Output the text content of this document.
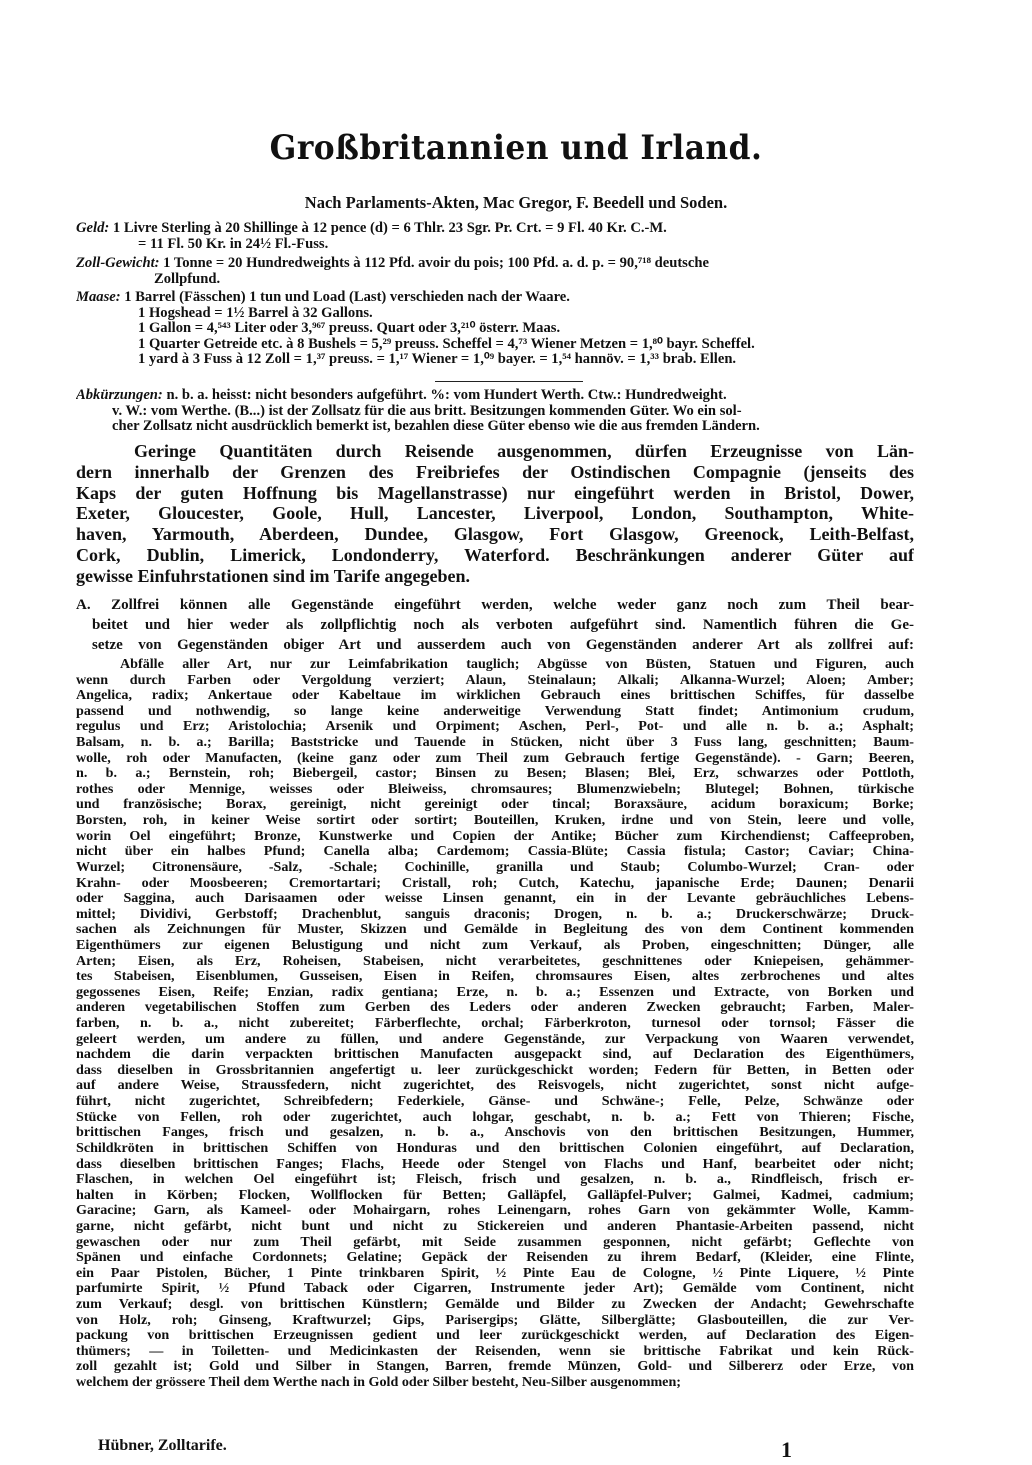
Großbritannien und Irland.
Nach Parlaments-Akten, Mac Gregor, F. Beedell und Soden.
Geld: 1 Livre Sterling à 20 Shillinge à 12 pence (d) = 6 Thlr. 23 Sgr. Pr. Crt. = 9 Fl. 40 Kr. C.-M.
= 11 Fl. 50 Kr. in 24½ Fl.-Fuss.
Zoll-Gewicht: 1 Tonne = 20 Hundredweights à 112 Pfd. avoir du pois; 100 Pfd. a. d. p. = 90,⁷¹⁸ deutsche
Zollpfund.
Maase: 1 Barrel (Fässchen) 1 tun und Load (Last) verschieden nach der Waare.
1 Hogshead = 1½ Barrel à 32 Gallons.
1 Gallon = 4,⁵⁴³ Liter oder 3,⁹⁶⁷ preuss. Quart oder 3,²¹⁰ österr. Maas.
1 Quarter Getreide etc. à 8 Bushels = 5,²⁹ preuss. Scheffel = 4,⁷³ Wiener Metzen = 1,⁸⁰ bayr. Scheffel.
1 yard à 3 Fuss à 12 Zoll = 1,³⁷ preuss. = 1,¹⁷ Wiener = 1,⁰⁹ bayer. = 1,⁵⁴ hannöv. = 1,³³ brab. Ellen.
Abkürzungen: n. b. a. heisst: nicht besonders aufgeführt. %: vom Hundert Werth. Ctw.: Hundredweight.
v. W.: vom Werthe. (B...) ist der Zollsatz für die aus britt. Besitzungen kommenden Güter. Wo ein sol-
cher Zollsatz nicht ausdrücklich bemerkt ist, bezahlen diese Güter ebenso wie die aus fremden Ländern.
Geringe Quantitäten durch Reisende ausgenommen, dürfen Erzeugnisse von Län-
dern innerhalb der Grenzen des Freibriefes der Ostindischen Compagnie (jenseits des
Kaps der guten Hoffnung bis Magellanstrasse) nur eingeführt werden in Bristol, Dower,
Exeter, Gloucester, Goole, Hull, Lancester, Liverpool, London, Southampton, White-
haven, Yarmouth, Aberdeen, Dundee, Glasgow, Fort Glasgow, Greenock, Leith-Belfast,
Cork, Dublin, Limerick, Londonderry, Waterford. Beschränkungen anderer Güter auf
gewisse Einfuhrstationen sind im Tarife angegeben.
A. Zollfrei können alle Gegenstände eingeführt werden, welche weder ganz noch zum Theil bear-
beitet und hier weder als zollpflichtig noch als verboten aufgeführt sind. Namentlich führen die Ge-
setze von Gegenständen obiger Art und ausserdem auch von Gegenständen anderer Art als zollfrei auf:
Abfälle aller Art, nur zur Leimfabrikation tauglich; Abgüsse von Büsten, Statuen und Figuren, auch
wenn durch Farben oder Vergoldung verziert; Alaun, Steinalaun; Alkali; Alkanna-Wurzel; Aloen; Amber;
Angelica, radix; Ankertaue oder Kabeltaue im wirklichen Gebrauch eines brittischen Schiffes, für dasselbe
passend und nothwendig, so lange keine anderweitige Verwendung Statt findet; Antimonium crudum,
regulus und Erz; Aristolochia; Arsenik und Orpiment; Aschen, Perl-, Pot- und alle n. b. a.; Asphalt;
Balsam, n. b. a.; Barilla; Baststricke und Tauende in Stücken, nicht über 3 Fuss lang, geschnitten; Baum-
wolle, roh oder Manufacten, (keine ganz oder zum Theil zum Gebrauch fertige Gegenstände). - Garn; Beeren,
n. b. a.; Bernstein, roh; Biebergeil, castor; Binsen zu Besen; Blasen; Blei, Erz, schwarzes oder Pottloth,
rothes oder Mennige, weisses oder Bleiweiss, chromsaures; Blumenzwiebeln; Blutegel; Bohnen, türkische
und französische; Borax, gereinigt, nicht gereinigt oder tincal; Boraxsäure, acidum boraxicum; Borke;
Borsten, roh, in keiner Weise sortirt oder sortirt; Bouteillen, Kruken, irdne und von Stein, leere und volle,
worin Oel eingeführt; Bronze, Kunstwerke und Copien der Antike; Bücher zum Kirchendienst; Caffeeproben,
nicht über ein halbes Pfund; Canella alba; Cardemom; Cassia-Blüte; Cassia fistula; Castor; Caviar; China-
Wurzel; Citronensäure, -Salz, -Schale; Cochinille, granilla und Staub; Columbo-Wurzel; Cran- oder
Krahn- oder Moosbeeren; Cremortartari; Cristall, roh; Cutch, Katechu, japanische Erde; Daunen; Denarii
oder Saggina, auch Darisaamen oder weisse Linsen genannt, ein in der Levante gebräuchliches Lebens-
mittel; Dividivi, Gerbstoff; Drachenblut, sanguis draconis; Drogen, n. b. a.; Druckerschwärze; Druck-
sachen als Zeichnungen für Muster, Skizzen und Gemälde in Begleitung des von dem Continent kommenden
Eigenthümers zur eigenen Belustigung und nicht zum Verkauf, als Proben, eingeschnitten; Dünger, alle
Arten; Eisen, als Erz, Roheisen, Stabeisen, nicht verarbeitetes, geschnittenes oder Kniepeisen, gehämmer-
tes Stabeisen, Eisenblumen, Gusseisen, Eisen in Reifen, chromsaures Eisen, altes zerbrochenes und altes
gegossenes Eisen, Reife; Enzian, radix gentiana; Erze, n. b. a.; Essenzen und Extracte, von Borken und
anderen vegetabilischen Stoffen zum Gerben des Leders oder anderen Zwecken gebraucht; Farben, Maler-
farben, n. b. a., nicht zubereitet; Färberflechte, orchal; Färberkroton, turnesol oder tornsol; Fässer die
geleert werden, um andere zu füllen, und andere Gegenstände, zur Verpackung von Waaren verwendet,
nachdem die darin verpackten brittischen Manufacten ausgepackt sind, auf Declaration des Eigenthümers,
dass dieselben in Grossbritannien angefertigt u. leer zurückgeschickt worden; Federn für Betten, in Betten oder
auf andere Weise, Straussfedern, nicht zugerichtet, des Reisvogels, nicht zugerichtet, sonst nicht aufge-
führt, nicht zugerichtet, Schreibfedern; Federkiele, Gänse- und Schwäne-; Felle, Pelze, Schwänze oder
Stücke von Fellen, roh oder zugerichtet, auch lohgar, geschabt, n. b. a.; Fett von Thieren; Fische,
brittischen Fanges, frisch und gesalzen, n. b. a., Anschovis von den brittischen Besitzungen, Hummer,
Schildkröten in brittischen Schiffen von Honduras und den brittischen Colonien eingeführt, auf Declaration,
dass dieselben brittischen Fanges; Flachs, Heede oder Stengel von Flachs und Hanf, bearbeitet oder nicht;
Flaschen, in welchen Oel eingeführt ist; Fleisch, frisch und gesalzen, n. b. a., Rindfleisch, frisch er-
halten in Körben; Flocken, Wollflocken für Betten; Galläpfel, Galläpfel-Pulver; Galmei, Kadmei, cadmium;
Garacine; Garn, als Kameel- oder Mohairgarn, rohes Leinengarn, rohes Garn von gekämmter Wolle, Kamm-
garne, nicht gefärbt, nicht bunt und nicht zu Stickereien und anderen Phantasie-Arbeiten passend, nicht
gewaschen oder nur zum Theil gefärbt, mit Seide zusammen gesponnen, nicht gefärbt; Geflechte von
Spänen und einfache Cordonnets; Gelatine; Gepäck der Reisenden zu ihrem Bedarf, (Kleider, eine Flinte,
ein Paar Pistolen, Bücher, 1 Pinte trinkbaren Spirit, ½ Pinte Eau de Cologne, ½ Pinte Liquere, ½ Pinte
parfumirte Spirit, ½ Pfund Taback oder Cigarren, Instrumente jeder Art); Gemälde vom Continent, nicht
zum Verkauf; desgl. von brittischen Künstlern; Gemälde und Bilder zu Zwecken der Andacht; Gewehrschafte
von Holz, roh; Ginseng, Kraftwurzel; Gips, Parisergips; Glätte, Silberglätte; Glasbouteillen, die zur Ver-
packung von brittischen Erzeugnissen gedient und leer zurückgeschickt werden, auf Declaration des Eigen-
thümers; — in Toiletten- und Medicinkasten der Reisenden, wenn sie brittische Fabrikat und kein Rück-
zoll gezahlt ist; Gold und Silber in Stangen, Barren, fremde Münzen, Gold- und Silbererz oder Erze, von
welchem der grössere Theil dem Werthe nach in Gold oder Silber besteht, Neu-Silber ausgenommen;
Hübner, Zolltarife.	1
